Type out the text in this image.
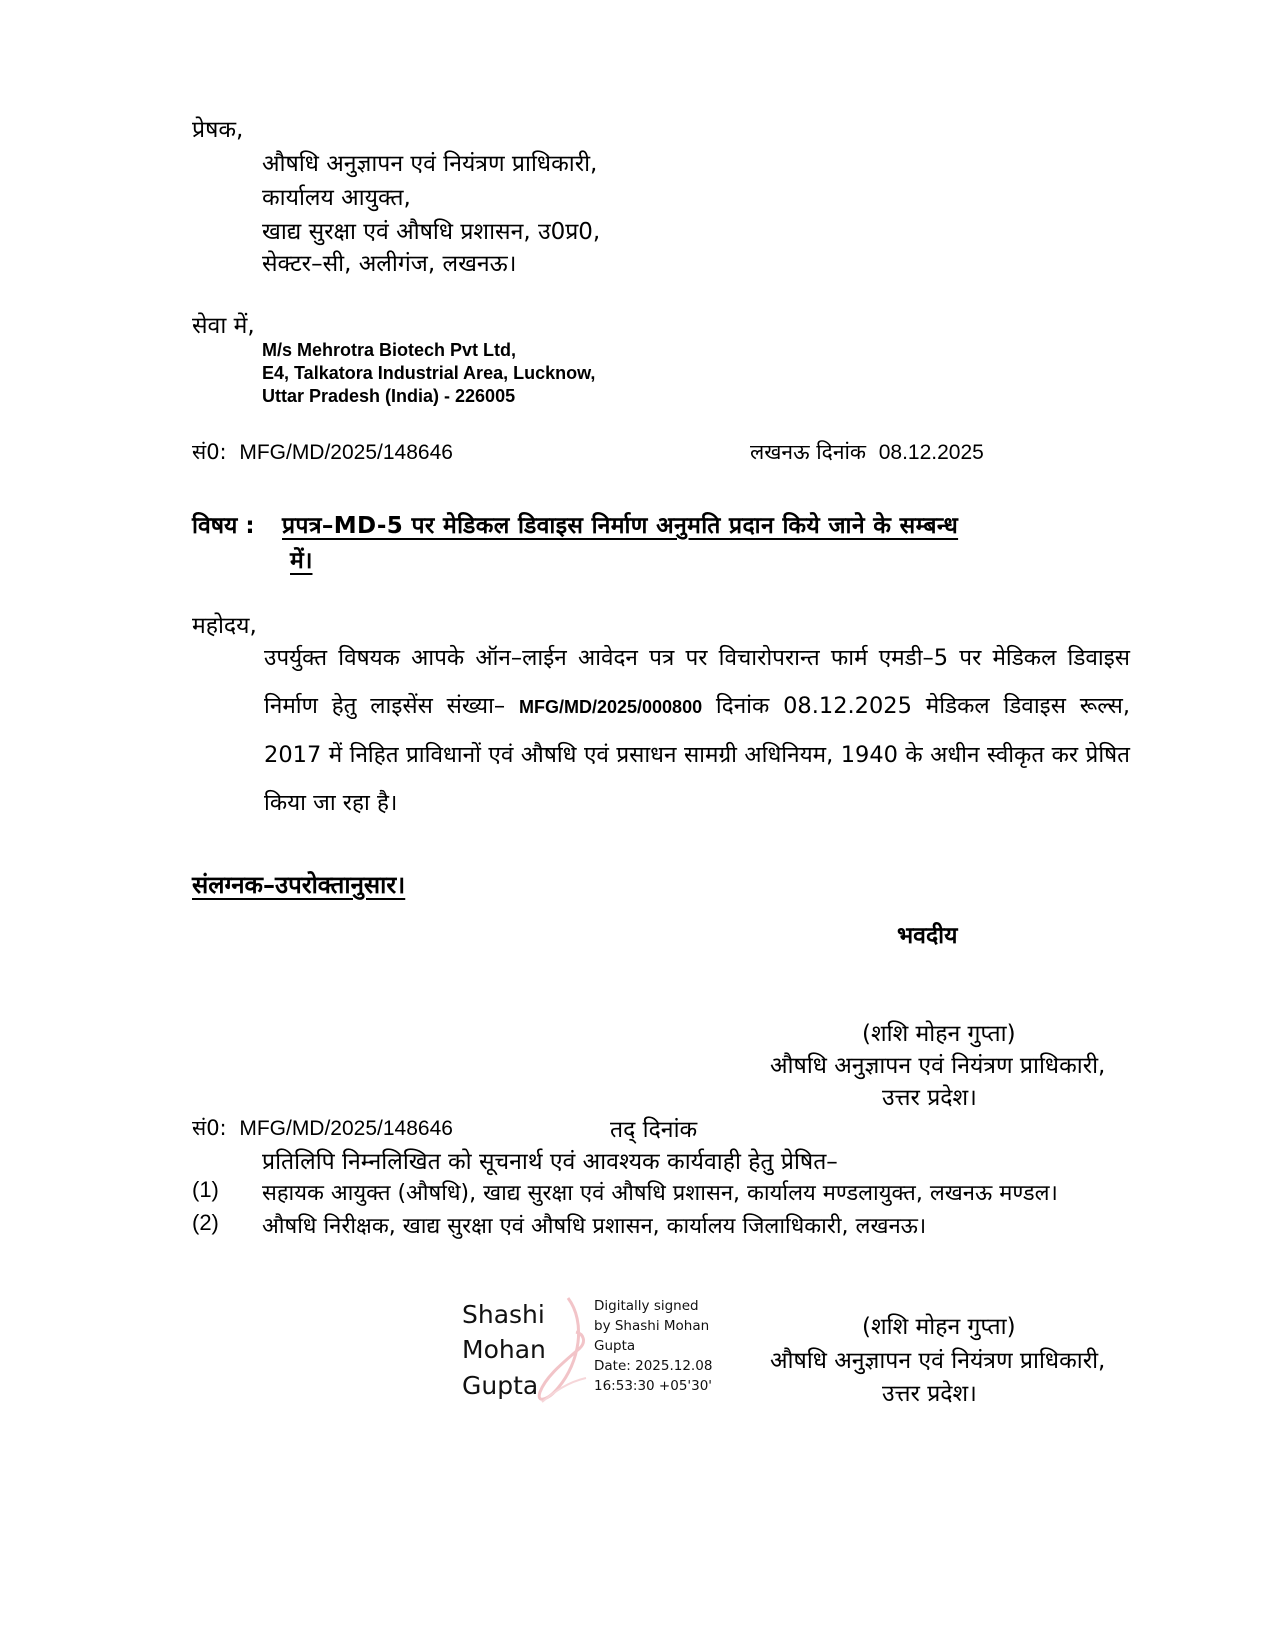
प्रेषक,
औषधि अनुज्ञापन एवं नियंत्रण प्राधिकारी,
कार्यालय आयुक्त,
खाद्य सुरक्षा एवं औषधि प्रशासन, उ0प्र0,
सेक्टर–सी, अलीगंज, लखनऊ।
सेवा में,
M/s Mehrotra Biotech Pvt Ltd,
E4, Talkatora Industrial Area, Lucknow,
Uttar Pradesh (India) - 226005
सं0: MFG/MD/2025/148646	लखनऊ दिनांक 08.12.2025
विषय : प्रपत्र–MD-5 पर मेडिकल डिवाइस निर्माण अनुमति प्रदान किये जाने के सम्बन्ध
में।
महोदय,

उपर्युक्त विषयक आपके ऑन–लाईन आवेदन पत्र पर विचारोपरान्त फार्म एमडी–5 पर मेडिकल डिवाइस निर्माण हेतु लाइसेंस संख्या– MFG/MD/2025/000800 दिनांक 08.12.2025 मेडिकल डिवाइस रूल्स, 2017 में निहित प्राविधानों एवं औषधि एवं प्रसाधन सामग्री अधिनियम, 1940 के अधीन स्वीकृत कर प्रेषित किया जा रहा है।

संलग्नक–उपरोक्तानुसार।
भवदीय
(शशि मोहन गुप्ता)
औषधि अनुज्ञापन एवं नियंत्रण प्राधिकारी,
उत्तर प्रदेश।
सं0: MFG/MD/2025/148646	तद् दिनांक
प्रतिलिपि निम्नलिखित को सूचनार्थ एवं आवश्यक कार्यवाही हेतु प्रेषित–
(1) सहायक आयुक्त (औषधि), खाद्य सुरक्षा एवं औषधि प्रशासन, कार्यालय मण्डलायुक्त, लखनऊ मण्डल।
(2) औषधि निरीक्षक, खाद्य सुरक्षा एवं औषधि प्रशासन, कार्यालय जिलाधिकारी, लखनऊ।
Shashi
Mohan
Gupta
Digitally signed
by Shashi Mohan
Gupta
Date: 2025.12.08
16:53:30 +05'30'
(शशि मोहन गुप्ता)
औषधि अनुज्ञापन एवं नियंत्रण प्राधिकारी,
उत्तर प्रदेश।
